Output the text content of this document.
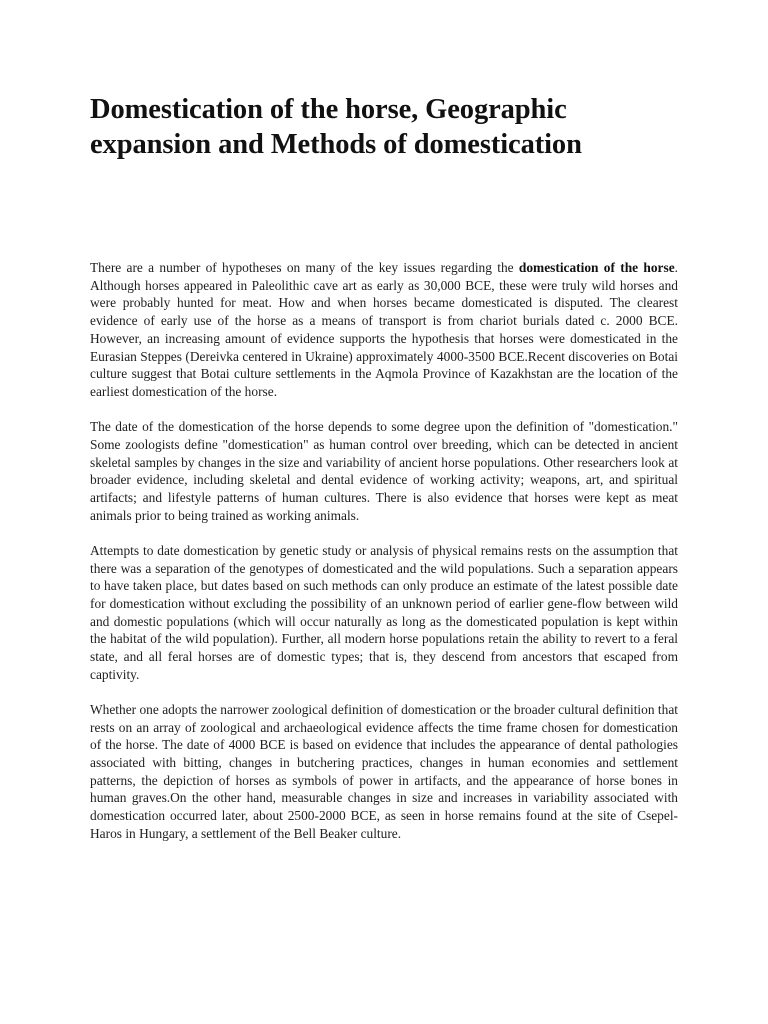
Domestication of the horse, Geographic expansion and Methods of domestication

There are a number of hypotheses on many of the key issues regarding the domestication of the horse. Although horses appeared in Paleolithic cave art as early as 30,000 BCE, these were truly wild horses and were probably hunted for meat. How and when horses became domesticated is disputed. The clearest evidence of early use of the horse as a means of transport is from chariot burials dated c. 2000 BCE. However, an increasing amount of evidence supports the hypothesis that horses were domesticated in the Eurasian Steppes (Dereivka centered in Ukraine) approximately 4000-3500 BCE.Recent discoveries on Botai culture suggest that Botai culture settlements in the Aqmola Province of Kazakhstan are the location of the earliest domestication of the horse.

The date of the domestication of the horse depends to some degree upon the definition of "domestication." Some zoologists define "domestication" as human control over breeding, which can be detected in ancient skeletal samples by changes in the size and variability of ancient horse populations. Other researchers look at broader evidence, including skeletal and dental evidence of working activity; weapons, art, and spiritual artifacts; and lifestyle patterns of human cultures. There is also evidence that horses were kept as meat animals prior to being trained as working animals.

Attempts to date domestication by genetic study or analysis of physical remains rests on the assumption that there was a separation of the genotypes of domesticated and the wild populations. Such a separation appears to have taken place, but dates based on such methods can only produce an estimate of the latest possible date for domestication without excluding the possibility of an unknown period of earlier gene-flow between wild and domestic populations (which will occur naturally as long as the domesticated population is kept within the habitat of the wild population). Further, all modern horse populations retain the ability to revert to a feral state, and all feral horses are of domestic types; that is, they descend from ancestors that escaped from captivity.

Whether one adopts the narrower zoological definition of domestication or the broader cultural definition that rests on an array of zoological and archaeological evidence affects the time frame chosen for domestication of the horse. The date of 4000 BCE is based on evidence that includes the appearance of dental pathologies associated with bitting, changes in butchering practices, changes in human economies and settlement patterns, the depiction of horses as symbols of power in artifacts, and the appearance of horse bones in human graves.On the other hand, measurable changes in size and increases in variability associated with domestication occurred later, about 2500-2000 BCE, as seen in horse remains found at the site of Csepel-Haros in Hungary, a settlement of the Bell Beaker culture.
